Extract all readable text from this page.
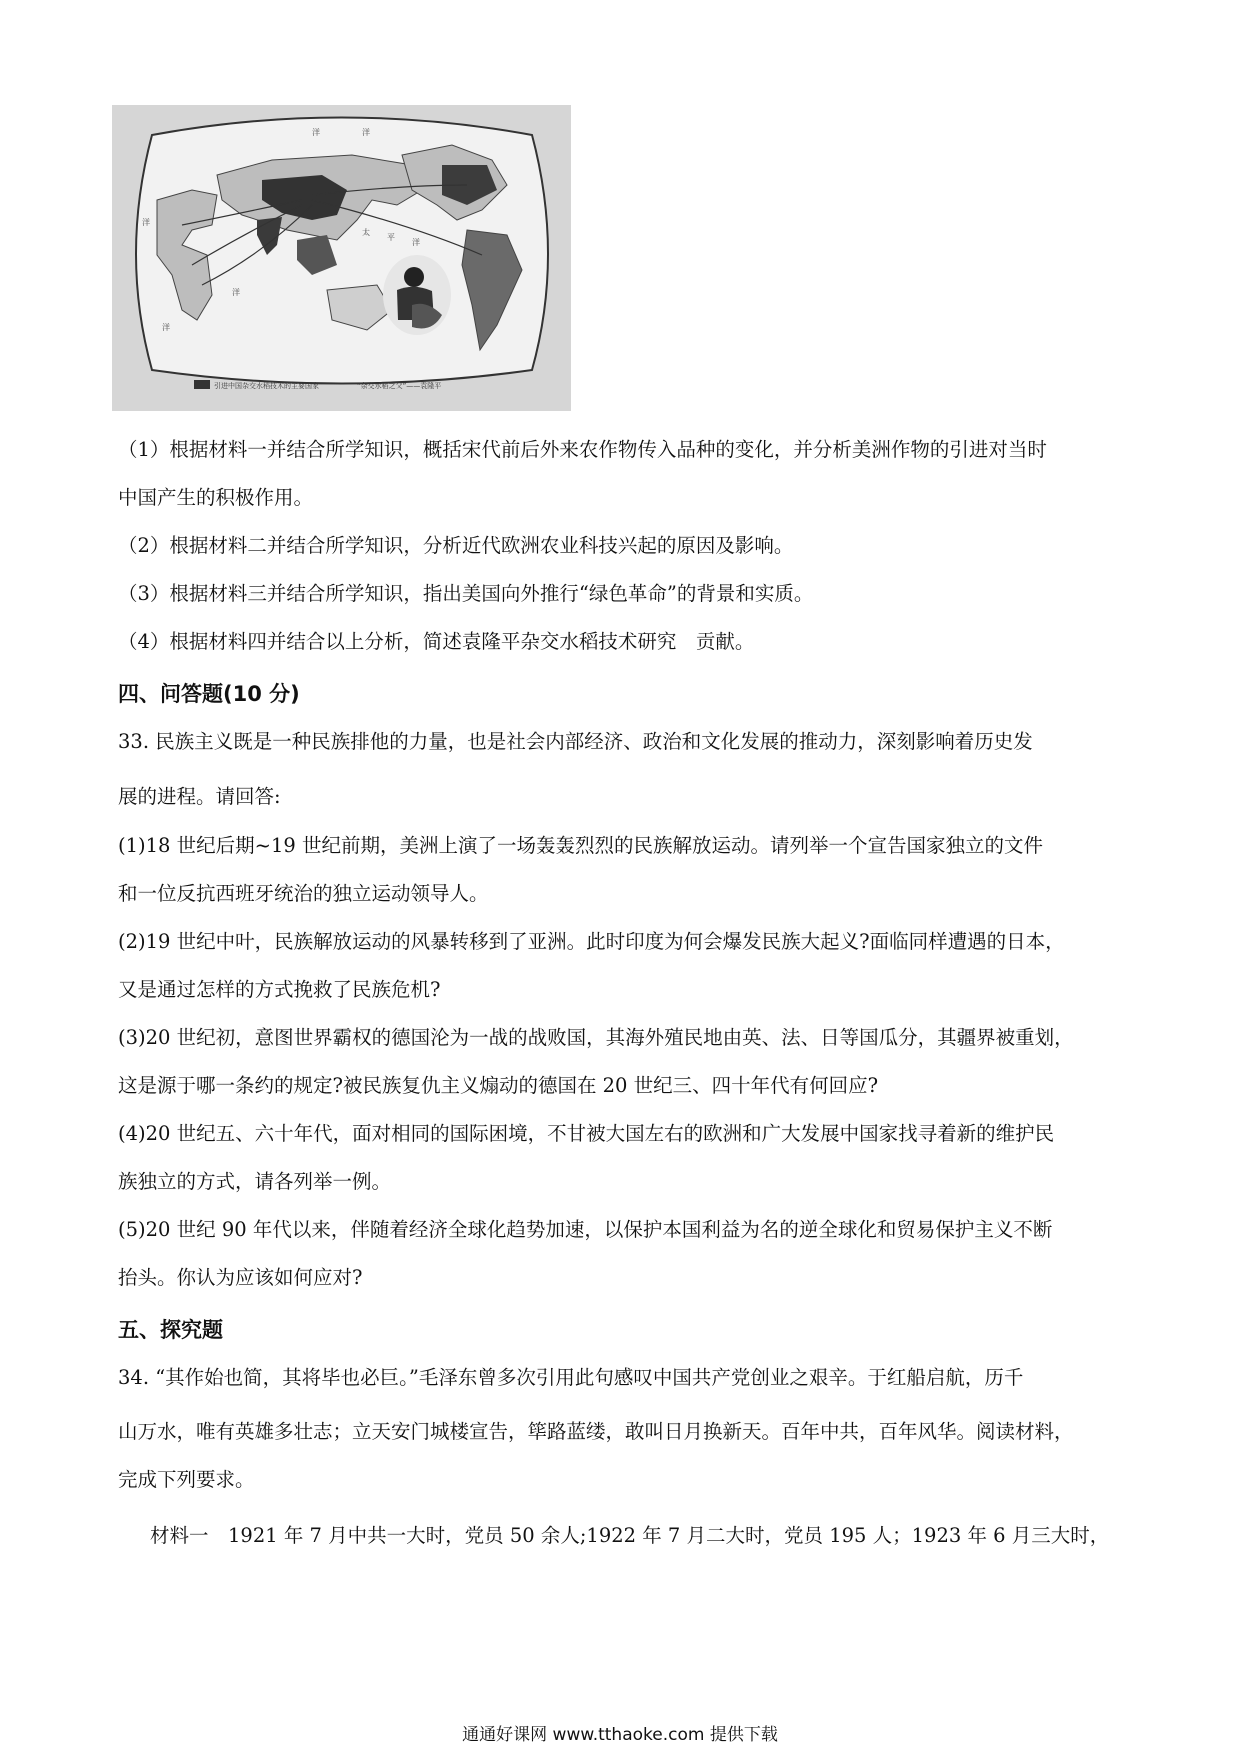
洋	洋
洋
太
平
洋
洋
洋
引进中国杂交水稻技术的主要国家	“杂交水稻之父”——袁隆平
（1）根据材料一并结合所学知识，概括宋代前后外来农作物传入品种的变化，并分析美洲作物的引进对当时
中国产生的积极作用。
（2）根据材料二并结合所学知识，分析近代欧洲农业科技兴起的原因及影响。
（3）根据材料三并结合所学知识，指出美国向外推行“绿色革命”的背景和实质。
（4）根据材料四并结合以上分析，简述袁隆平杂交水稻技术研究　贡献。
四、问答题(10 分)
33. 民族主义既是一种民族排他的力量，也是社会内部经济、政治和文化发展的推动力，深刻影响着历史发
展的进程。请回答:
(1)18 世纪后期~19 世纪前期，美洲上演了一场轰轰烈烈的民族解放运动。请列举一个宣告国家独立的文件
和一位反抗西班牙统治的独立运动领导人。
(2)19 世纪中叶，民族解放运动的风暴转移到了亚洲。此时印度为何会爆发民族大起义?面临同样遭遇的日本，
又是通过怎样的方式挽救了民族危机?
(3)20 世纪初，意图世界霸权的德国沦为一战的战败国，其海外殖民地由英、法、日等国瓜分，其疆界被重划，
这是源于哪一条约的规定?被民族复仇主义煽动的德国在 20 世纪三、四十年代有何回应?
(4)20 世纪五、六十年代，面对相同的国际困境，不甘被大国左右的欧洲和广大发展中国家找寻着新的维护民
族独立的方式，请各列举一例。
(5)20 世纪 90 年代以来，伴随着经济全球化趋势加速，以保护本国利益为名的逆全球化和贸易保护主义不断
抬头。你认为应该如何应对?
五、探究题
34. “其作始也简，其将毕也必巨。”毛泽东曾多次引用此句感叹中国共产党创业之艰辛。于红船启航，历千
山万水，唯有英雄多壮志；立天安门城楼宣告，筚路蓝缕，敢叫日月换新天。百年中共，百年风华。阅读材料，
完成下列要求。
材料一　1921 年 7 月中共一大时，党员 50 余人;1922 年 7 月二大时，党员 195 人；1923 年 6 月三大时，
通通好课网 www.tthaoke.com 提供下载
